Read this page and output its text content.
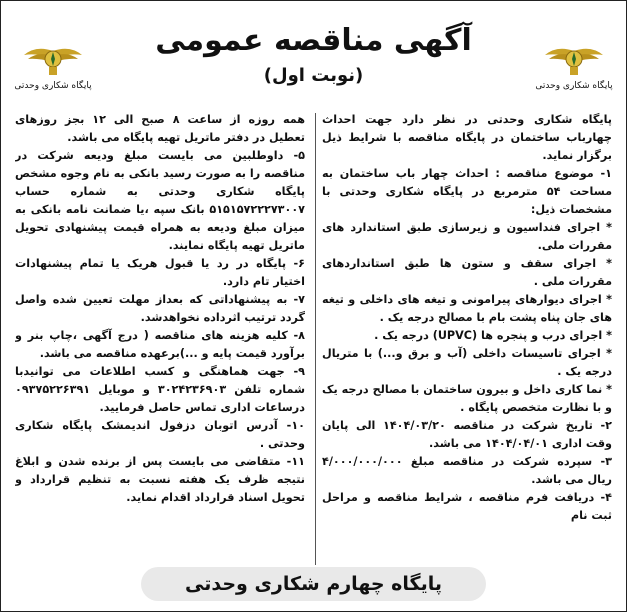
پایگاه شکاری وحدتی	پایگاه شکاری وحدتی
آگهی مناقصه عمومی
(نوبت اول)

پایگاه شکاری وحدتی در نظر دارد جهت احداث چهارباب ساختمان در پایگاه مناقصه با شرایط ذیل برگزار نماید.

۱- موضوع مناقصه : احداث چهار باب ساختمان به مساحت ۵۴ مترمربع در پایگاه شکاری وحدتی با مشخصات ذیل:

* اجرای فنداسیون و زیرسازی طبق استاندارد های مقررات ملی.

* اجرای سقف و ستون ها طبق استانداردهای مقررات ملی .

* اجرای دیوارهای پیرامونی و تیغه های داخلی و تیغه های جان پناه پشت بام با مصالح درجه یک .

* اجرای درب و پنجره ها (UPVC) درجه یک .

* اجرای تاسیسات داخلی (آب و برق و...) با متریال درجه یک .

* نما کاری داخل و بیرون ساختمان با مصالح درجه یک و با نظارت متخصص پایگاه .

۲- تاریخ شرکت در مناقصه ۱۴۰۴/۰۳/۲۰ الی پایان وقت اداری ۱۴۰۴/۰۴/۰۱ می باشد.

۳- سپرده شرکت در مناقصه مبلغ ۴/۰۰۰/۰۰۰/۰۰۰ ریال می باشد.

۴- دریافت فرم مناقصه ، شرایط مناقصه و مراحل ثبت نام

همه روزه از ساعت ۸ صبح الی ۱۲ بجز روزهای تعطیل در دفتر ماتریل تهیه پایگاه می باشد.

۵- داوطلبین می بایست مبلغ ودیعه شرکت در مناقصه را به صورت رسید بانکی به نام وجوه مشخص پایگاه شکاری وحدتی به شماره حساب ۵۱۵۱۵۷۲۲۲۷۳۰۰۷ بانک سپه ،یا ضمانت نامه بانکی به میزان مبلغ ودیعه به همراه قیمت پیشنهادی تحویل ماتریل تهیه پایگاه نمایند.

۶- پایگاه در رد یا قبول هریک یا تمام پیشنهادات اختیار تام دارد.

۷- به پیشنهاداتی که بعداز مهلت تعیین شده واصل گردد ترتیب اثرداده نخواهدشد.

۸- کلیه هزینه های مناقصه ( درج آگهی ،چاپ بنر و برآورد قیمت پایه و ...)برعهده مناقصه می باشد.

۹- جهت هماهنگی و کسب اطلاعات می توانیدبا شماره تلفن ۳۰۲۴۲۳۶۹۰۳ و موبایل ۰۹۳۷۵۲۲۶۳۹۱ درساعات اداری تماس حاصل فرمایید.

۱۰- آدرس اتوبان دزفول اندیمشک پایگاه شکاری وحدتی .

۱۱- متقاضی می بایست پس از برنده شدن و ابلاغ نتیجه ظرف یک هفته نسبت به تنظیم قرارداد و تحویل اسناد قرارداد اقدام نماید.

پایگاه چهارم شکاری وحدتی
